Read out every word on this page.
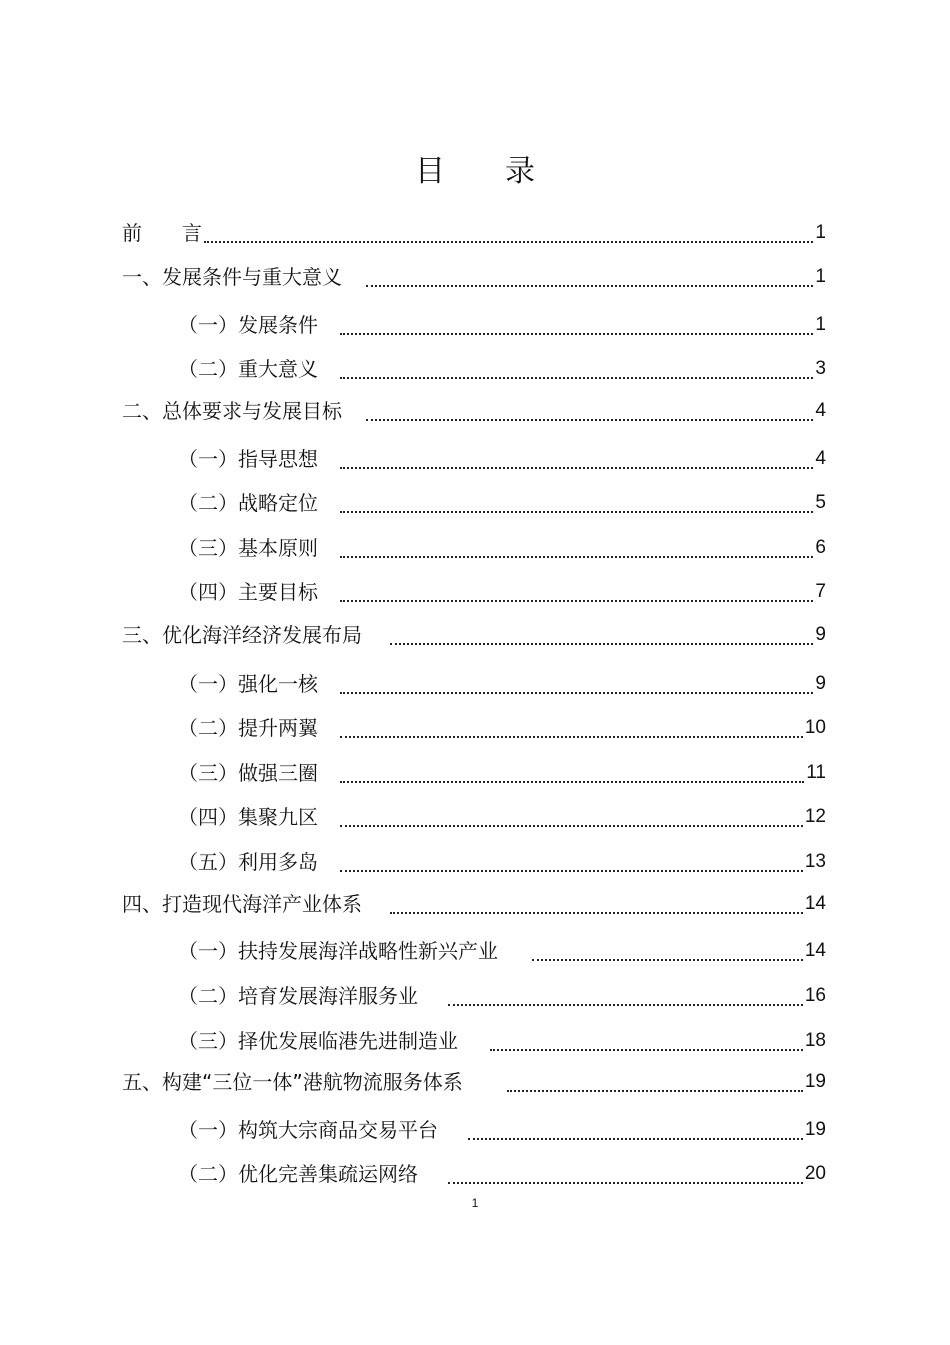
目录
前　　言	1
一、发展条件与重大意义	1
（一）发展条件	1
（二）重大意义	3
二、总体要求与发展目标	4
（一）指导思想	4
（二）战略定位	5
（三）基本原则	6
（四）主要目标	7
三、优化海洋经济发展布局	9
（一）强化一核	9
（二）提升两翼	10
（三）做强三圈	11
（四）集聚九区	12
（五）利用多岛	13
四、打造现代海洋产业体系	14
（一）扶持发展海洋战略性新兴产业	14
（二）培育发展海洋服务业	16
（三）择优发展临港先进制造业	18
五、构建“三位一体”港航物流服务体系	19
（一）构筑大宗商品交易平台	19
（二）优化完善集疏运网络	20
1
